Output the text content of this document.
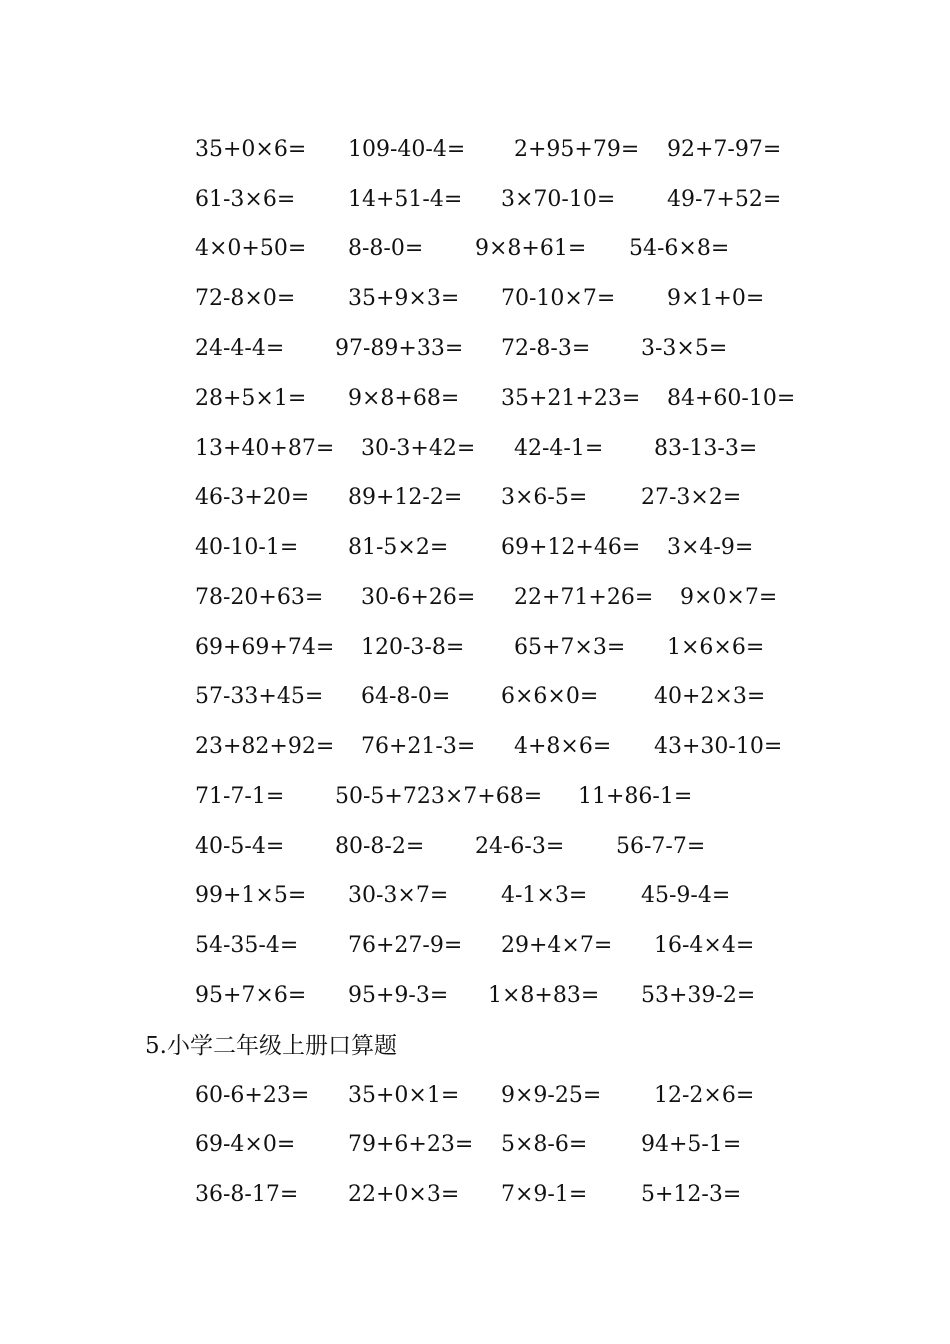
35+0×6= 109-40-4= 2+95+79= 92+7-97=
61-3×6= 14+51-4= 3×70-10= 49-7+52=
4×0+50= 8-8-0= 9×8+61= 54-6×8=
72-8×0= 35+9×3= 70-10×7= 9×1+0=
24-4-4= 97-89+33= 72-8-3= 3-3×5=
28+5×1= 9×8+68= 35+21+23= 84+60-10=
13+40+87= 30-3+42= 42-4-1= 83-13-3=
46-3+20= 89+12-2= 3×6-5= 27-3×2=
40-10-1= 81-5×2= 69+12+46= 3×4-9=
78-20+63= 30-6+26= 22+71+26= 9×0×7=
69+69+74= 120-3-8= 65+7×3= 1×6×6=
57-33+45= 64-8-0= 6×6×0=	40+2×3=
23+82+92= 76+21-3= 4+8×6= 43+30-10=
71-7-1= 50-5+723×7+68= 11+86-1=
40-5-4= 80-8-2= 24-6-3= 56-7-7=
99+1×5= 30-3×7= 4-1×3= 45-9-4=
54-35-4= 76+27-9= 29+4×7= 16-4×4=
95+7×6= 95+9-3= 1×8+83= 53+39-2=
5.小学二年级上册口算题
60-6+23= 35+0×1= 9×9-25= 12-2×6=
69-4×0= 79+6+23= 5×8-6= 94+5-1=
36-8-17= 22+0×3= 7×9-1= 5+12-3=
